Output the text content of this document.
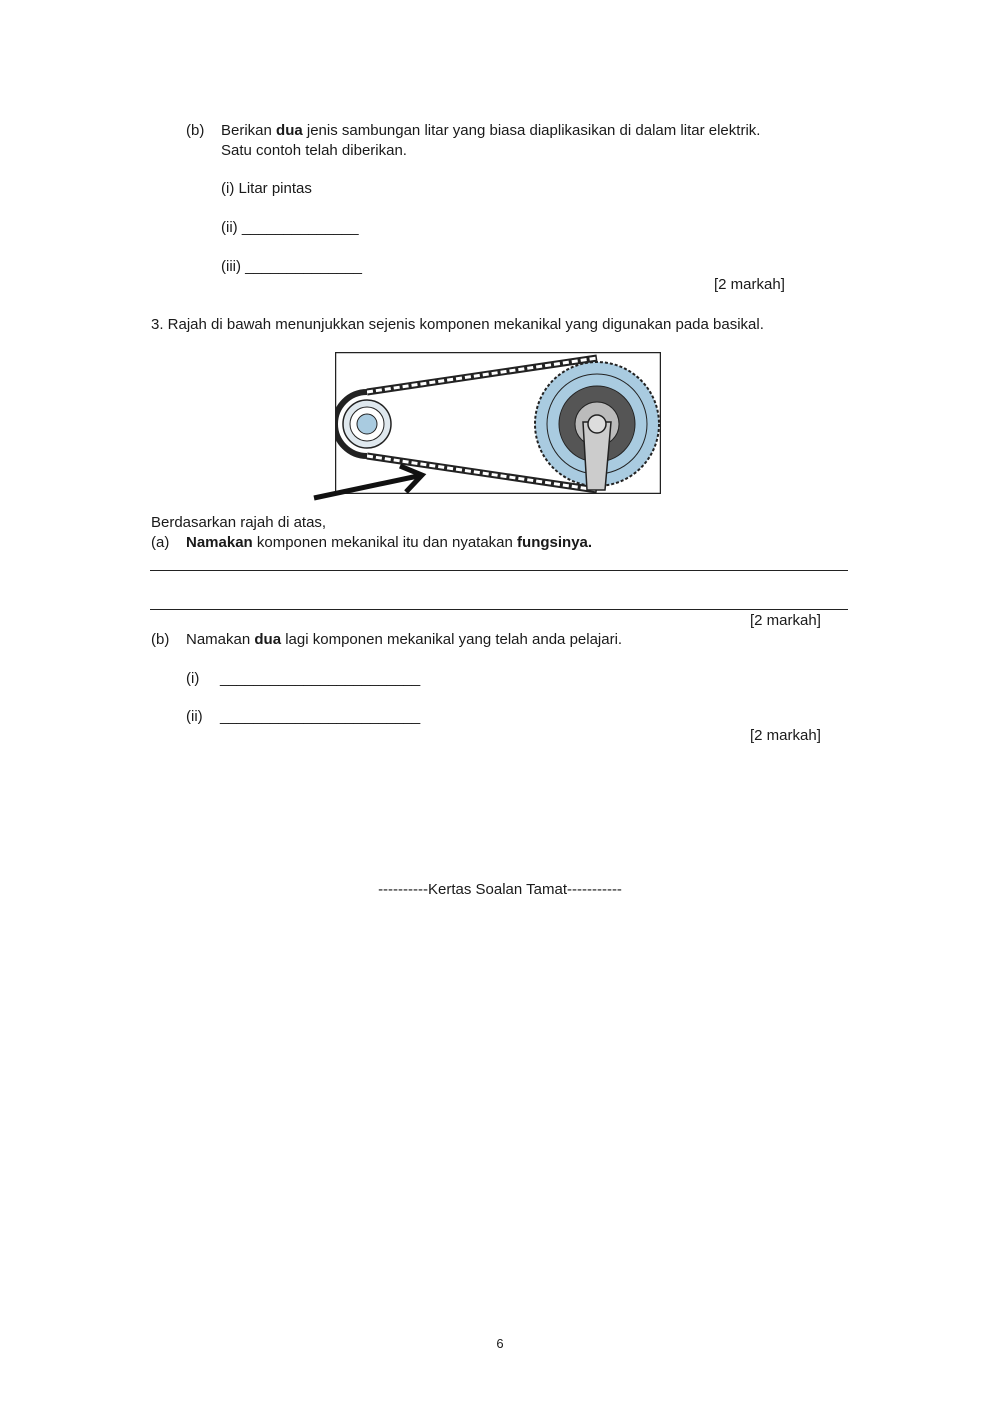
(b) Berikan dua jenis sambungan litar yang biasa diaplikasikan di dalam litar elektrik.
Satu contoh telah diberikan.
(i) Litar pintas
(ii) ______________
(iii) ______________
[2 markah]
3. Rajah di bawah menunjukkan sejenis komponen mekanikal yang digunakan pada basikal.
Berdasarkan rajah di atas,
(a) Namakan komponen mekanikal itu dan nyatakan fungsinya.
[2 markah]
(b) Namakan dua lagi komponen mekanikal yang telah anda pelajari.
(i) ________________________
(ii) ________________________
[2 markah]
----------Kertas Soalan Tamat-----------
6
